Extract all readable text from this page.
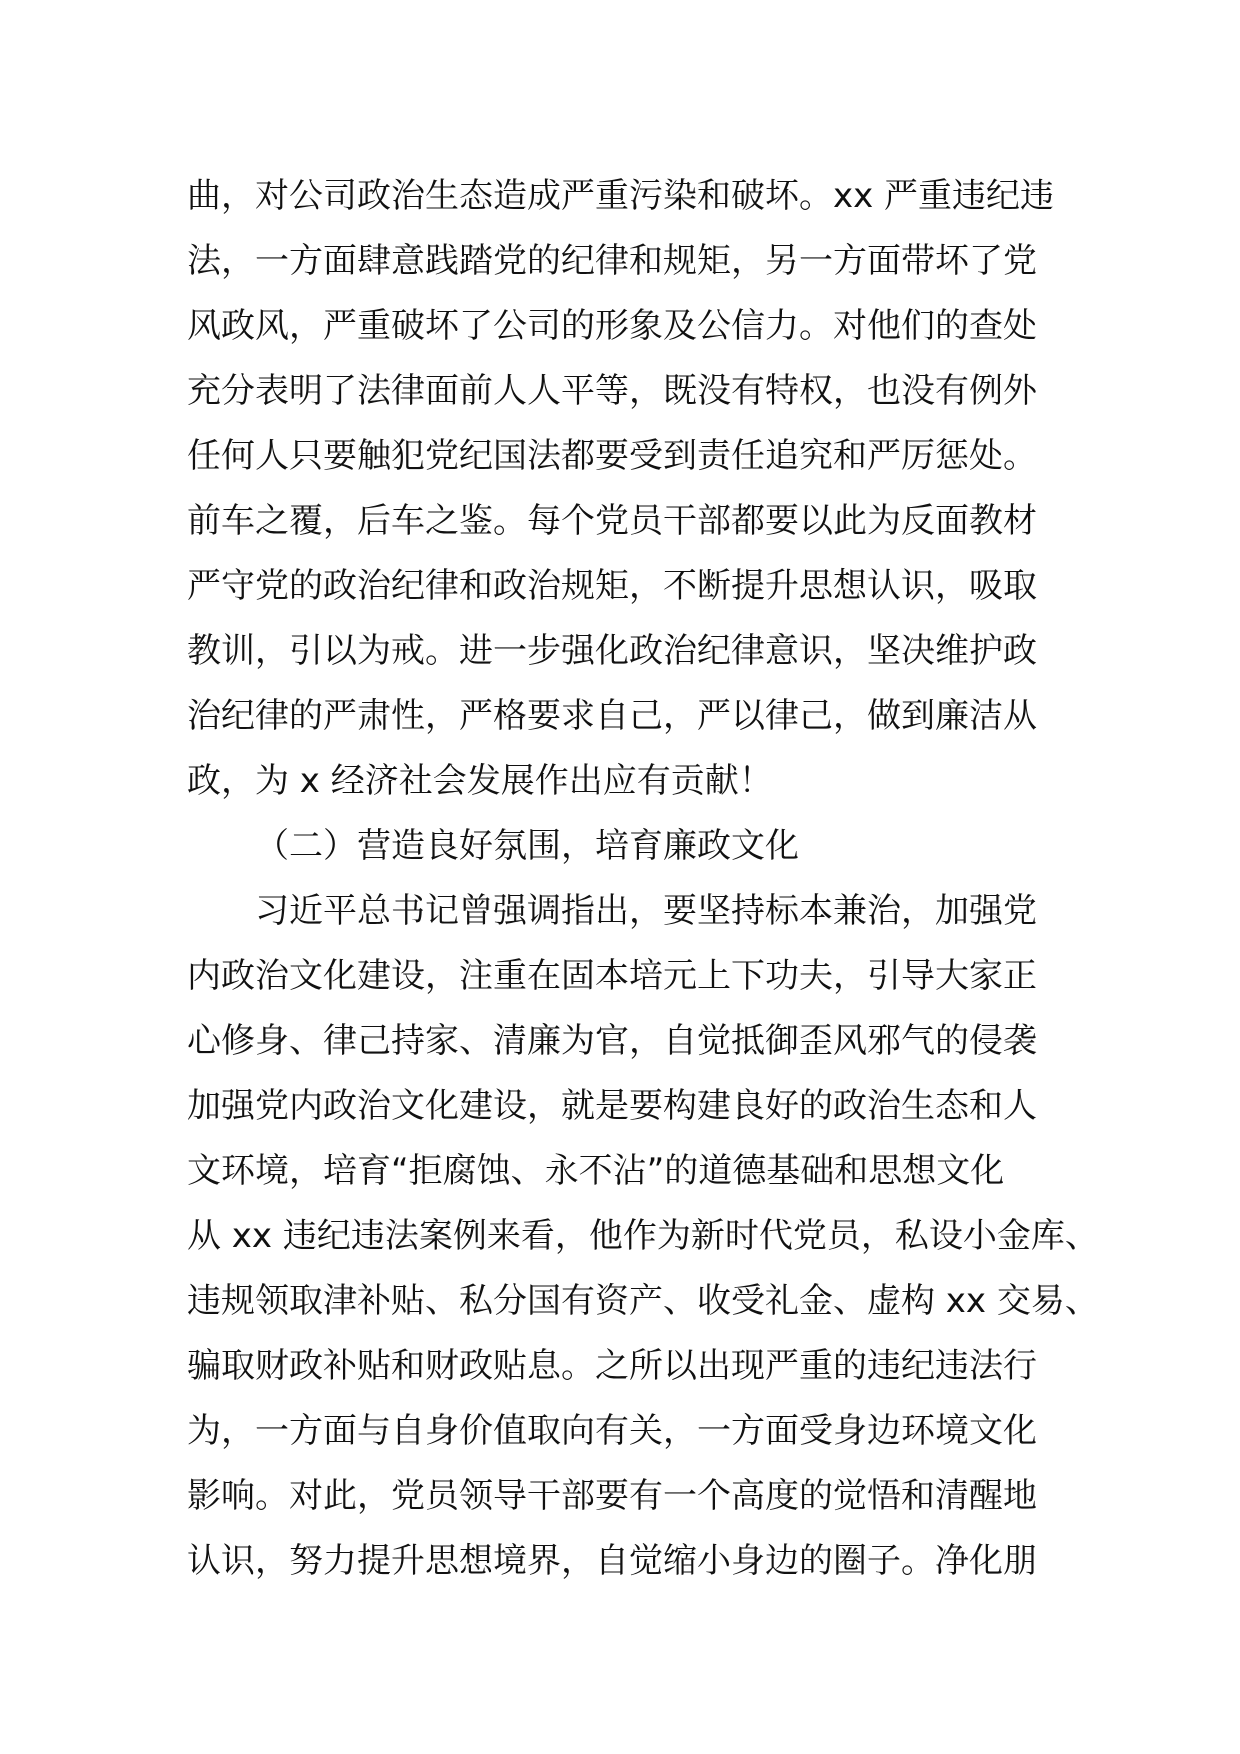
曲，对公司政治生态造成严重污染和破坏。xx 严重违纪违
法，一方面肆意践踏党的纪律和规矩，另一方面带坏了党
风政风，严重破坏了公司的形象及公信力。对他们的查处
充分表明了法律面前人人平等，既没有特权，也没有例外
任何人只要触犯党纪国法都要受到责任追究和严厉惩处。
前车之覆，后车之鉴。每个党员干部都要以此为反面教材
严守党的政治纪律和政治规矩，不断提升思想认识，吸取
教训，引以为戒。进一步强化政治纪律意识，坚决维护政
治纪律的严肃性，严格要求自己，严以律己，做到廉洁从
政，为 x 经济社会发展作出应有贡献！
（二）营造良好氛围，培育廉政文化
习近平总书记曾强调指出，要坚持标本兼治，加强党
内政治文化建设，注重在固本培元上下功夫，引导大家正
心修身、律己持家、清廉为官，自觉抵御歪风邪气的侵袭
加强党内政治文化建设，就是要构建良好的政治生态和人
文环境，培育“拒腐蚀、永不沾”的道德基础和思想文化
从 xx 违纪违法案例来看，他作为新时代党员，私设小金库、
违规领取津补贴、私分国有资产、收受礼金、虚构 xx 交易、
骗取财政补贴和财政贴息。之所以出现严重的违纪违法行
为，一方面与自身价值取向有关，一方面受身边环境文化
影响。对此，党员领导干部要有一个高度的觉悟和清醒地
认识，努力提升思想境界，自觉缩小身边的圈子。净化朋
